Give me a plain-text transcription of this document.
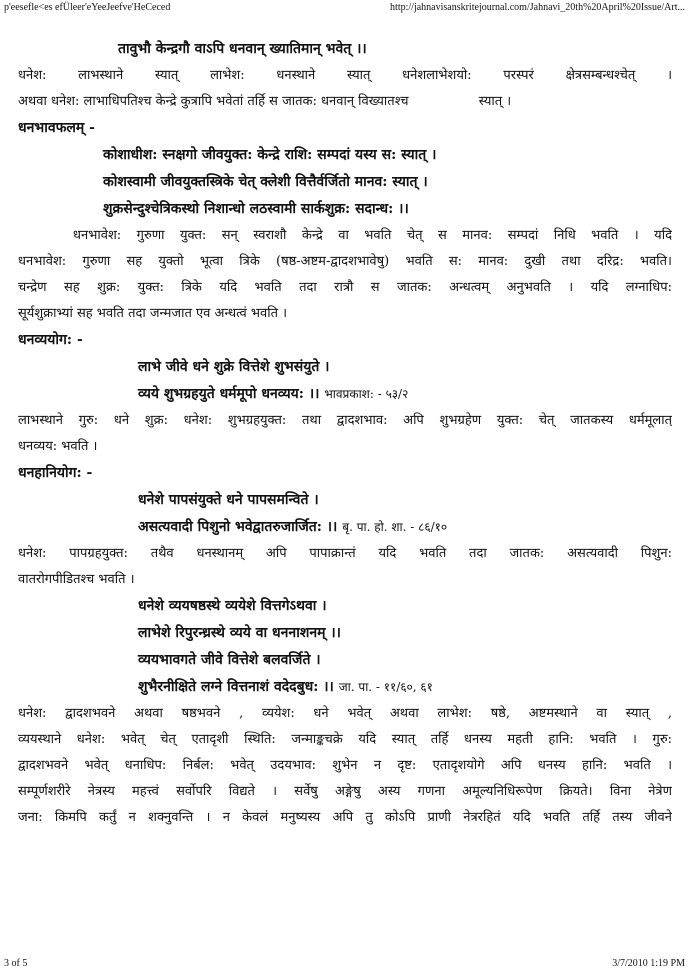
p'eesefle<es efÜleer'eYeeJeefve'HeCeced	http://jahnavisanskritejournal.com/Jahnavi_20th%20April%20Issue/Art...
तावुभौ केन्द्रगौ वाऽपि धनवान् ख्यातिमान् भवेत् ।।
धनेश: लाभस्थाने स्यात् लाभेश: धनस्थाने स्यात् धनेशलाभेशयो: परस्परं क्षेत्रसम्बन्धश्चेत् ।
अथवा धनेश: लाभाधिपतिश्च केन्द्रे कुत्रापि भवेतां तर्हि स जातक: धनवान् विख्यातश्च	स्यात् ।
धनभावफलम् -
कोशाधीश: स्नक्षगो जीवयुक्त: केन्द्रे राशि: सम्पदां यस्य स: स्यात् ।
कोशस्वामी जीवयुक्तस्त्रिके चेत् क्लेशी वित्तैर्वर्जितो मानव: स्यात् ।
शुक्रसेन्दुश्चेत्रिकस्थो निशान्धो लठस्वामी सार्कशुक्र: सदान्ध: ।।
धनभावेश: गुरुणा युक्त: सन् स्वराशौ केन्द्रे वा भवति चेत् स मानव: सम्पदां निधि भवति । यदि
धनभावेश: गुरुणा सह युक्तो भूत्वा त्रिके (षष्ठ-अष्टम-द्वादशभावेषु) भवति स: मानव: दुखी तथा दरिद्र: भवति।
चन्द्रेण सह शुक्र: युक्त: त्रिके यदि भवति तदा रात्रौ स जातक: अन्धत्वम् अनुभवति । यदि लग्नाधिप:
सूर्यशुक्राभ्यां सह भवति तदा जन्मजात एव अन्धत्वं भवति ।
धनव्ययोग: -
लाभे जीवे धने शुक्रे वित्तेशे शुभसंयुते ।
व्यये शुभग्रहयुते धर्ममूपो धनव्यय: ।। भावप्रकाश: - ५३/२
लाभस्थाने गुरु: धने शुक्र: धनेश: शुभग्रहयुक्त: तथा द्वादशभाव: अपि शुभग्रहेण युक्त: चेत् जातकस्य धर्ममूलात्
धनव्यय: भवति ।
धनहानियोग: -
धनेशे पापसंयुक्ते धने पापसमन्विते ।
असत्यवादी पिशुनो भवेद्वातरुजार्जित: ।। बृ. पा. हो. शा. - ८६/१०
धनेश: पापग्रहयुक्त: तथैव धनस्थानम् अपि पापाक्रान्तं यदि भवति तदा जातक: असत्यवादी पिशुन:
वातरोगपीडितश्च भवति ।
धनेशे व्ययषष्ठस्थे व्ययेशे वित्तगेऽथवा ।
लाभेशे रिपुरन्ध्रस्थे व्यये वा धननाशनम् ।।
व्ययभावगते जीवे वित्तेशे बलवर्जिते ।
शुभैरनीक्षिते लग्ने वित्तनाशं वदेदबुध: ।। जा. पा. - ११/६०, ६१
धनेश: द्वादशभवने अथवा षष्ठभवने , व्ययेश: धने भवेत् अथवा लाभेश: षष्ठे, अष्टमस्थाने वा स्यात् ,
व्ययस्थाने धनेश: भवेत् चेत् एतादृशी स्थिति: जन्माङ्कचक्रे यदि स्यात् तर्हि धनस्य महती हानि: भवति । गुरु:
द्वादशभवने भवेत् धनाधिप: निर्बल: भवेत् उदयभाव: शुभेन न दृष्ट: एतादृशयोगे अपि धनस्य हानि: भवति ।
सम्पूर्णशरीरे नेत्रस्य महत्त्वं सर्वोपरि विद्यते । सर्वेषु अङ्गेषु अस्य गणना अमूल्यनिधिरूपेण क्रियते। विना नेत्रेण
जना: किमपि कर्तुं न शक्नुवन्ति । न केवलं मनुष्यस्य अपि तु कोऽपि प्राणी नेत्ररहितं यदि भवति तर्हि तस्य जीवने
3 of 5	3/7/2010 1:19 PM
